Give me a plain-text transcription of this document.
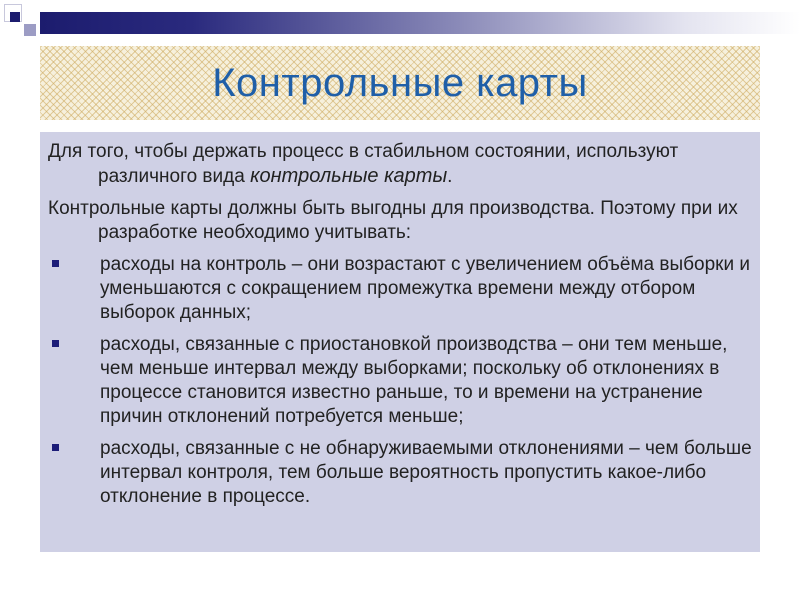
Контрольные карты

Для того, чтобы держать процесс в стабильном состоянии, используют различного вида контрольные карты.

Контрольные карты должны быть выгодны для производства. Поэтому при их разработке необходимо учитывать:

расходы на контроль – они возрастают с увеличением объёма выборки и уменьшаются с сокращением промежутка времени между отбором выборок данных;
расходы, связанные с приостановкой производства – они тем меньше, чем меньше интервал между выборками; поскольку об отклонениях в процессе становится известно раньше, то и времени на устранение причин отклонений потребуется меньше;
расходы, связанные с не обнаруживаемыми отклонениями – чем больше интервал контроля, тем больше вероятность пропустить какое-либо отклонение в процессе.
